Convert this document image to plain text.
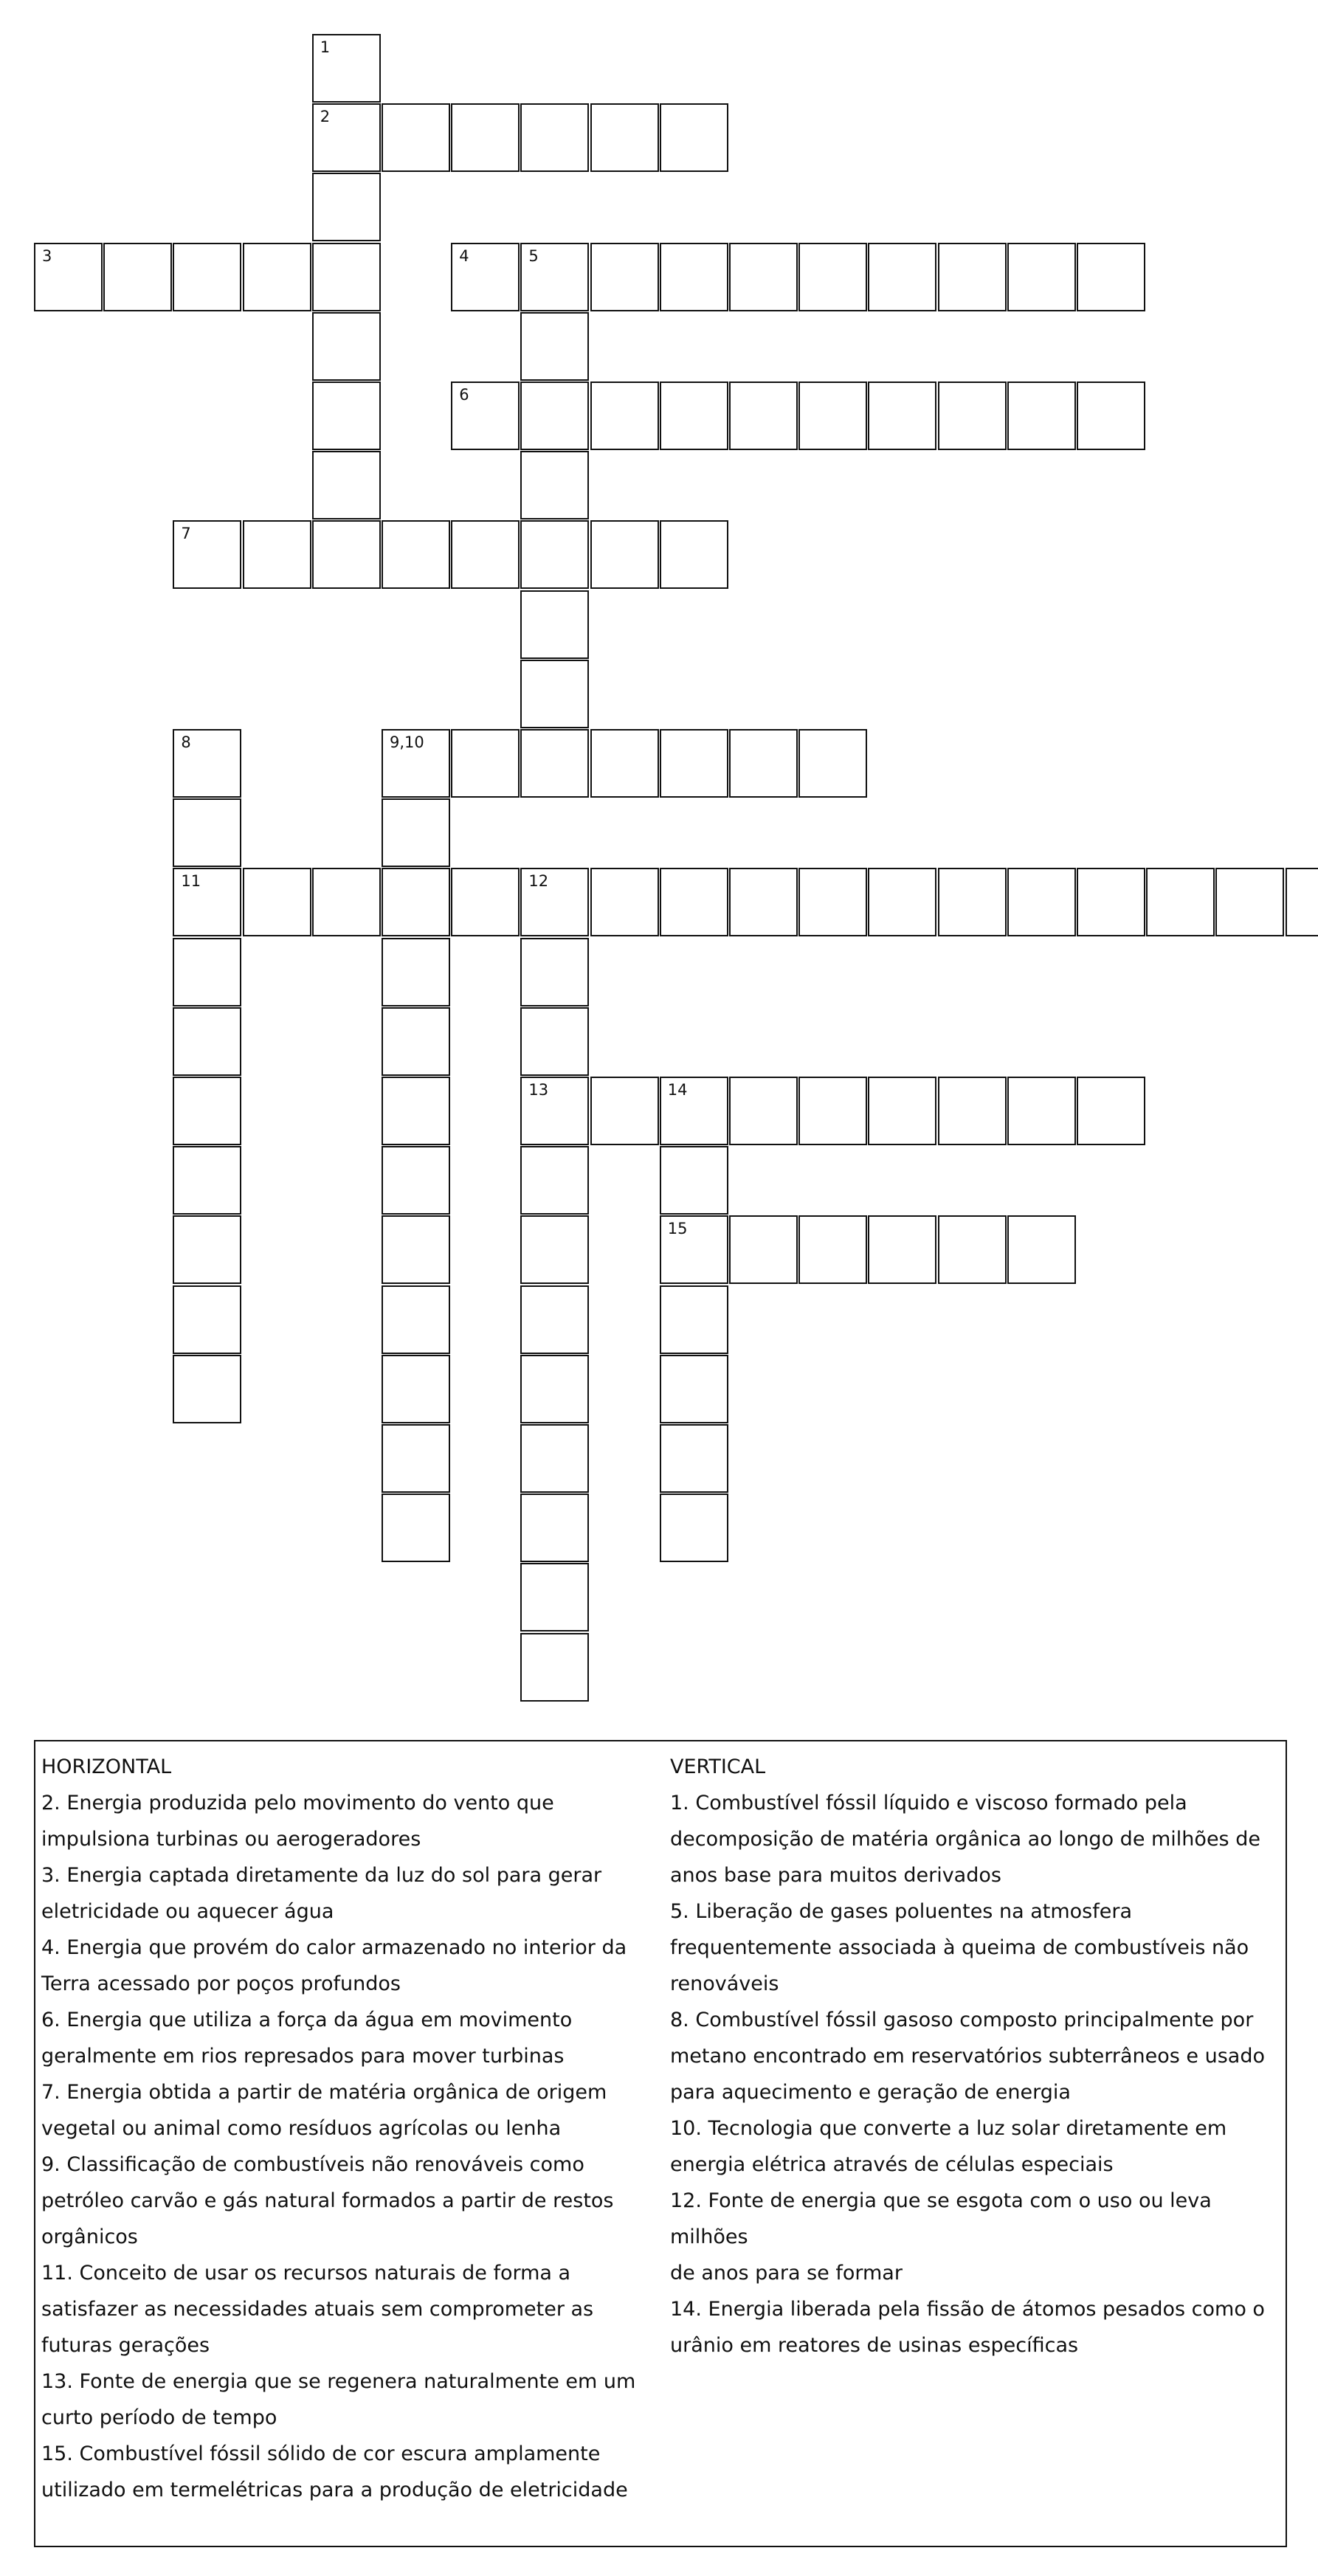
1
2
3	4	5
6
7
8
11
9,10
12
13	14
15

HORIZONTAL

2. Energia produzida pelo movimento do vento que

impulsiona turbinas ou aerogeradores

3. Energia captada diretamente da luz do sol para gerar

eletricidade ou aquecer água

4. Energia que provém do calor armazenado no interior da

Terra acessado por poços profundos

6. Energia que utiliza a força da água em movimento

geralmente em rios represados para mover turbinas

7. Energia obtida a partir de matéria orgânica de origem

vegetal ou animal como resíduos agrícolas ou lenha

9. Classificação de combustíveis não renováveis como

petróleo carvão e gás natural formados a partir de restos

orgânicos

11. Conceito de usar os recursos naturais de forma a

satisfazer as necessidades atuais sem comprometer as

futuras gerações

13. Fonte de energia que se regenera naturalmente em um

curto período de tempo

15. Combustível fóssil sólido de cor escura amplamente

utilizado em termelétricas para a produção de eletricidade

VERTICAL

1. Combustível fóssil líquido e viscoso formado pela

decomposição de matéria orgânica ao longo de milhões de

anos base para muitos derivados

5. Liberação de gases poluentes na atmosfera

frequentemente associada à queima de combustíveis não

renováveis

8. Combustível fóssil gasoso composto principalmente por

metano encontrado em reservatórios subterrâneos e usado

para aquecimento e geração de energia

10. Tecnologia que converte a luz solar diretamente em

energia elétrica através de células especiais

12. Fonte de energia que se esgota com o uso ou leva milhões

de anos para se formar

14. Energia liberada pela fissão de átomos pesados como o

urânio em reatores de usinas específicas
